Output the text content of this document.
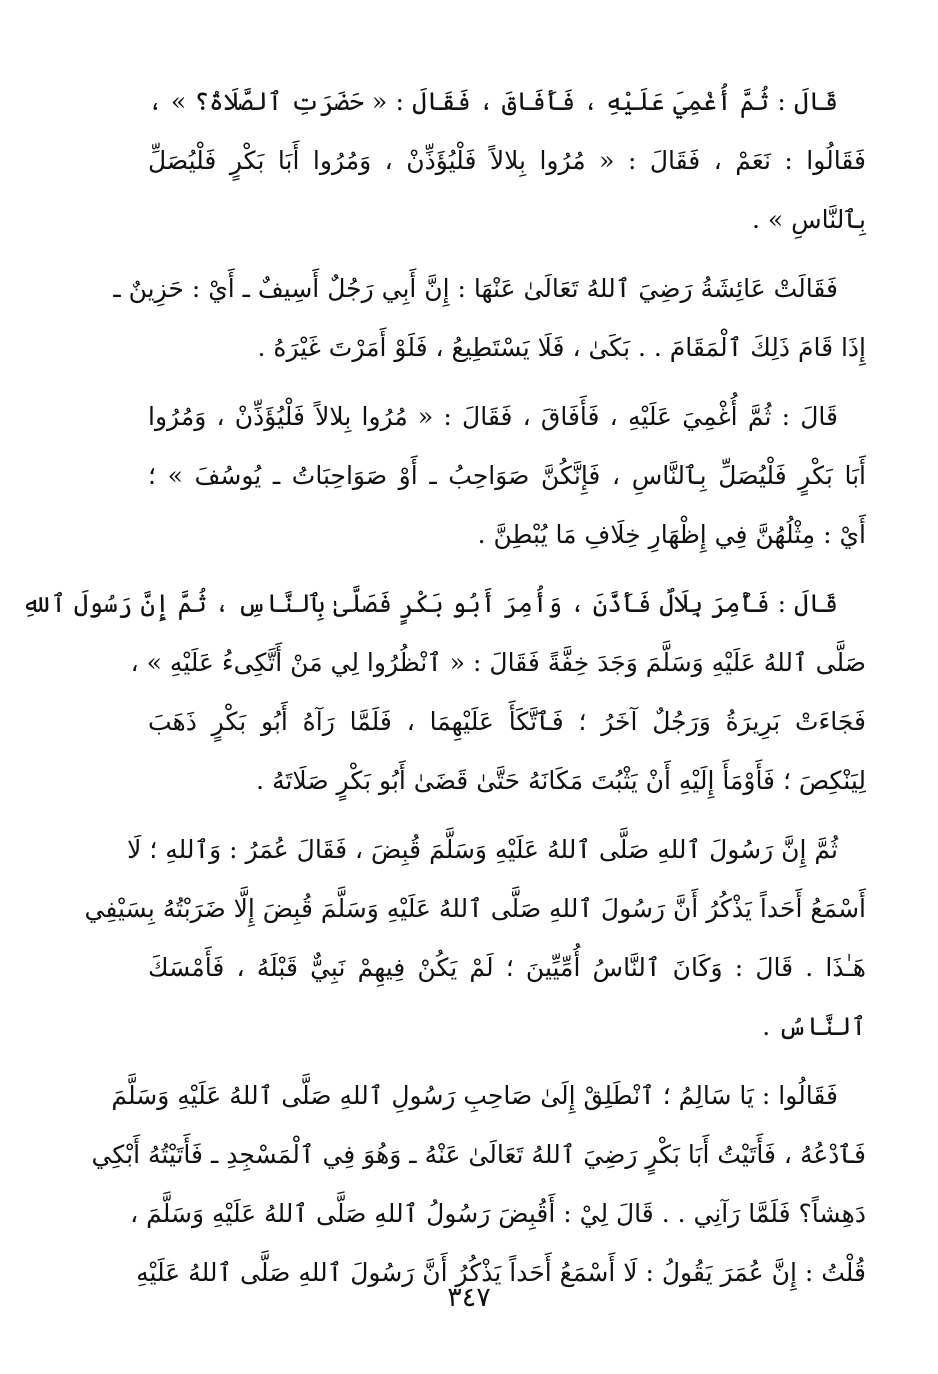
قَالَ : ثُمَّ أُغْمِيَ عَلَيْهِ ، فَأَفَاقَ ، فَقَالَ : « حَضَرَتِ ٱلصَّلَاةُ؟ » ،
فَقَالُوا : نَعَمْ ، فَقَالَ : « مُرُوا بِلالاً فَلْيُؤَذِّنْ ، وَمُرُوا أَبَا بَكْرٍ فَلْيُصَلِّ
بِٱلنَّاسِ » .
فَقَالَتْ عَائِشَةُ رَضِيَ ٱللهُ تَعَالَىٰ عَنْهَا : إِنَّ أَبِي رَجُلٌ أَسِيفٌ ـ أَيْ : حَزِينٌ ـ
إِذَا قَامَ ذَلِكَ ٱلْمَقَامَ . . بَكَىٰ ، فَلَا يَسْتَطِيعُ ، فَلَوْ أَمَرْتَ غَيْرَهُ .
قَالَ : ثُمَّ أُغْمِيَ عَلَيْهِ ، فَأَفَاقَ ، فَقَالَ : « مُرُوا بِلالاً فَلْيُؤَذِّنْ ، وَمُرُوا
أَبَا بَكْرٍ فَلْيُصَلِّ بِٱلنَّاسِ ، فَإِنَّكُنَّ صَوَاحِبُ ـ أَوْ صَوَاحِبَاتُ ـ يُوسُفَ » ؛
أَيْ : مِثْلُهُنَّ فِي إِظْهَارِ خِلَافِ مَا يُبْطِنَّ .
قَالَ : فَأُمِرَ بِلَالٌ فَأَذَّنَ ، وَأُمِرَ أَبُو بَكْرٍ فَصَلَّىٰ بِٱلنَّاسِ ، ثُمَّ إِنَّ رَسُولَ ٱللهِ
صَلَّى ٱللهُ عَلَيْهِ وَسَلَّمَ وَجَدَ خِفَّةً فَقَالَ : « ٱنْظُرُوا لِي مَنْ أَتَّكِىءُ عَلَيْهِ » ،
فَجَاءَتْ بَرِيرَةُ وَرَجُلٌ آخَرُ ؛ فَٱتَّكَأَ عَلَيْهِمَا ، فَلَمَّا رَآهُ أَبُو بَكْرٍ ذَهَبَ
لِيَنْكِصَ ؛ فَأَوْمَأَ إِلَيْهِ أَنْ يَثْبُتَ مَكَانَهُ حَتَّىٰ قَضَىٰ أَبُو بَكْرٍ صَلَاتَهُ .
ثُمَّ إِنَّ رَسُولَ ٱللهِ صَلَّى ٱللهُ عَلَيْهِ وَسَلَّمَ قُبِضَ ، فَقَالَ عُمَرُ : وَٱللهِ ؛ لَا
أَسْمَعُ أَحَداً يَذْكُرُ أَنَّ رَسُولَ ٱللهِ صَلَّى ٱللهُ عَلَيْهِ وَسَلَّمَ قُبِضَ إِلَّا ضَرَبْتُهُ بِسَيْفِي
هَـٰذَا . قَالَ : وَكَانَ ٱلنَّاسُ أُمِّيِّينَ ؛ لَمْ يَكُنْ فِيهِمْ نَبِيٌّ قَبْلَهُ ، فَأَمْسَكَ
ٱلنَّاسُ .
فَقَالُوا : يَا سَالِمُ ؛ ٱنْطَلِقْ إِلَىٰ صَاحِبِ رَسُولِ ٱللهِ صَلَّى ٱللهُ عَلَيْهِ وَسَلَّمَ
فَٱدْعُهُ ، فَأَتَيْتُ أَبَا بَكْرٍ رَضِيَ ٱللهُ تَعَالَىٰ عَنْهُ ـ وَهُوَ فِي ٱلْمَسْجِدِ ـ فَأَتَيْتُهُ أَبْكِي
دَهِشاً؟ فَلَمَّا رَآنِي . . قَالَ لِيْ : أَقُبِضَ رَسُولُ ٱللهِ صَلَّى ٱللهُ عَلَيْهِ وَسَلَّمَ ،
قُلْتُ : إِنَّ عُمَرَ يَقُولُ : لَا أَسْمَعُ أَحَداً يَذْكُرُ أَنَّ رَسُولَ ٱللهِ صَلَّى ٱللهُ عَلَيْهِ
٣٤٧
